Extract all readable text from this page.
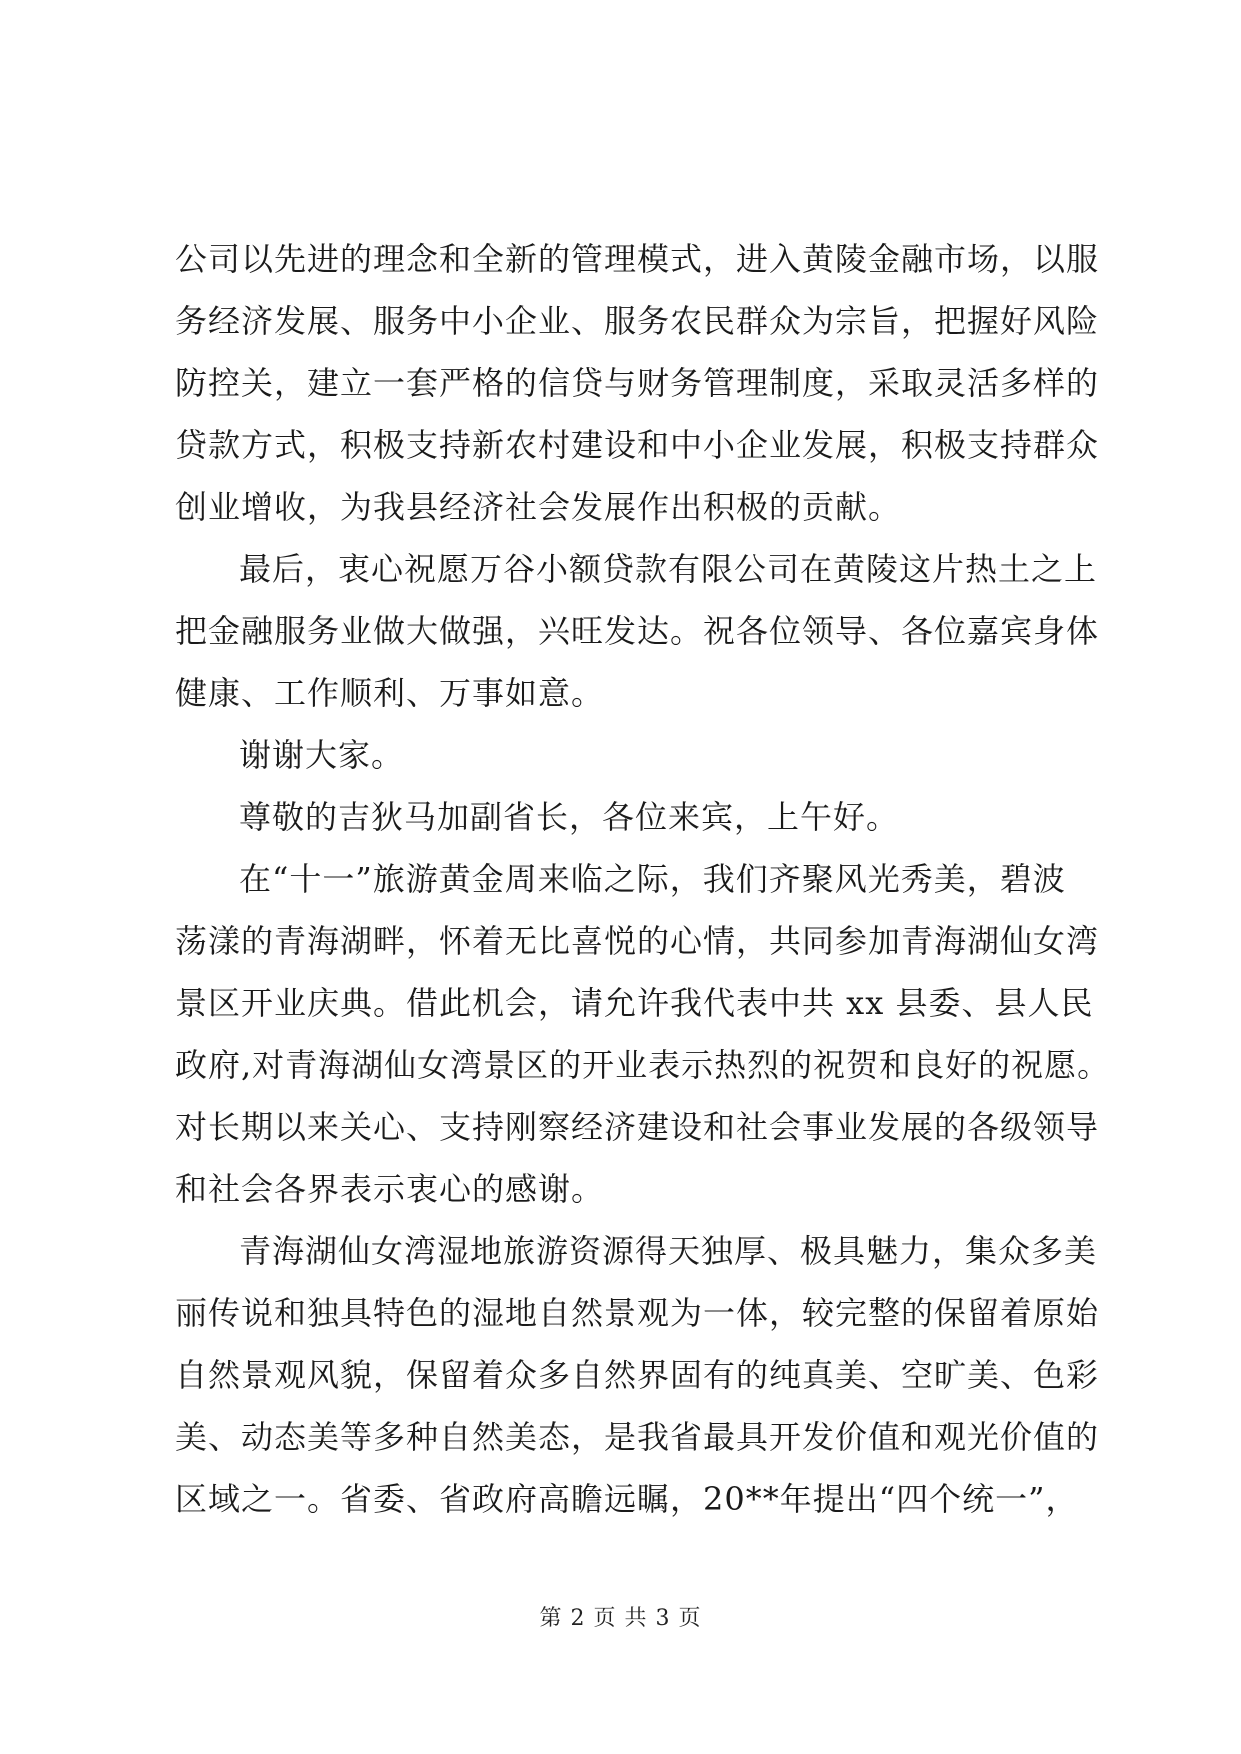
公司以先进的理念和全新的管理模式，进入黄陵金融市场，以服
务经济发展、服务中小企业、服务农民群众为宗旨，把握好风险
防控关，建立一套严格的信贷与财务管理制度，采取灵活多样的
贷款方式，积极支持新农村建设和中小企业发展，积极支持群众
创业增收，为我县经济社会发展作出积极的贡献。
最后，衷心祝愿万谷小额贷款有限公司在黄陵这片热土之上
把金融服务业做大做强，兴旺发达。祝各位领导、各位嘉宾身体
健康、工作顺利、万事如意。
谢谢大家。
尊敬的吉狄马加副省长，各位来宾，上午好。
在“十一”旅游黄金周来临之际，我们齐聚风光秀美，碧波
荡漾的青海湖畔，怀着无比喜悦的心情，共同参加青海湖仙女湾
景区开业庆典。借此机会，请允许我代表中共 xx 县委、县人民
政府,对青海湖仙女湾景区的开业表示热烈的祝贺和良好的祝愿。
对长期以来关心、支持刚察经济建设和社会事业发展的各级领导
和社会各界表示衷心的感谢。
青海湖仙女湾湿地旅游资源得天独厚、极具魅力，集众多美
丽传说和独具特色的湿地自然景观为一体，较完整的保留着原始
自然景观风貌，保留着众多自然界固有的纯真美、空旷美、色彩
美、动态美等多种自然美态，是我省最具开发价值和观光价值的
区域之一。省委、省政府高瞻远瞩，20**年提出“四个统一”，
第 2 页 共 3 页
